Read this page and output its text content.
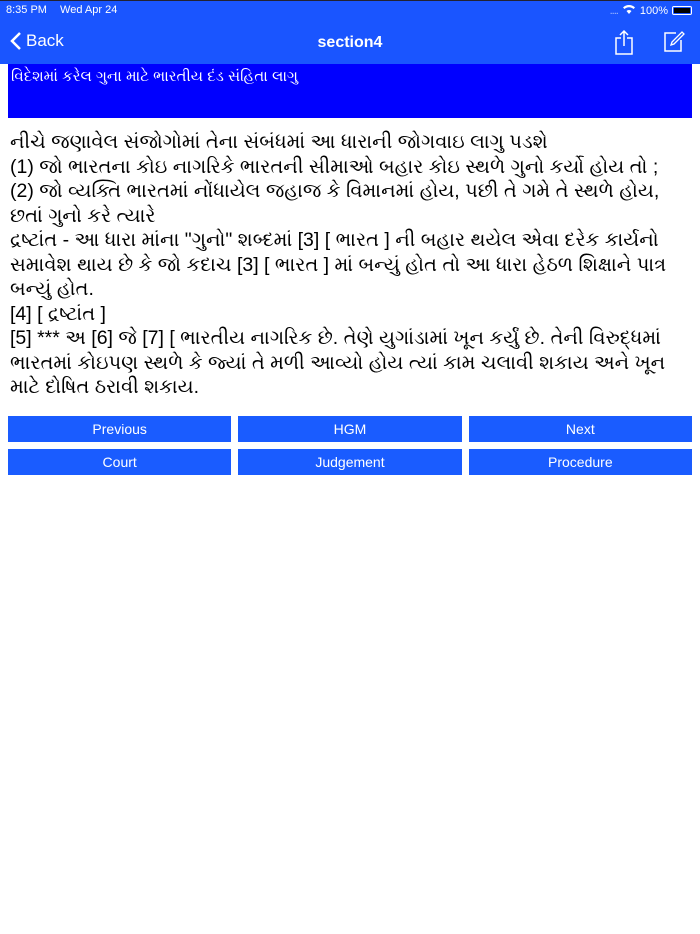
8:35 PM Wed Apr 24	.... 100%
Back	section4
વિદેશમાં કરેલ ગુના માટે ભારતીય દંડ સંહિતા લાગુ
નીચે જણાવેલ સંજોગોમાં તેના સંબંધમાં આ ધારાની જોગવાઇ લાગુ પડશે
(1) જો ભારતના કોઇ નાગરિકે ભારતની સીમાઓ બહાર કોઇ સ્થળે ગુનો કર્યો હોય તો ;
(2) જો વ્યક્તિ ભારતમાં નોંધાયેલ જહાજ કે વિમાનમાં હોય, પછી તે ગમે તે સ્થળે હોય, છતાં ગુનો કરે ત્યારે
દ્રષ્ટાંત - આ ધારા માંના "ગુનો" શબ્દમાં [3] [ ભારત ] ની બહાર થયેલ એવા દરેક કાર્યનો સમાવેશ થાય છે કે જો કદાચ [3] [ ભારત ] માં બન્યું હોત તો આ ધારા હેઠળ શિક્ષાને પાત્ર બન્યું હોત.
[4] [ દ્રષ્ટાંત ]
[5] *** અ [6] જે [7] [ ભારતીય નાગરિક છે. તેણે યુગાંડામાં ખૂન કર્યું છે. તેની વિરુદ્ધમાં ભારતમાં કોઇપણ સ્થળે કે જ્યાં તે મળી આવ્યો હોય ત્યાં કામ ચલાવી શકાય અને ખૂન માટે દોષિત ઠરાવી શકાય.
Previous	HGM	Next
Court	Judgement	Procedure
